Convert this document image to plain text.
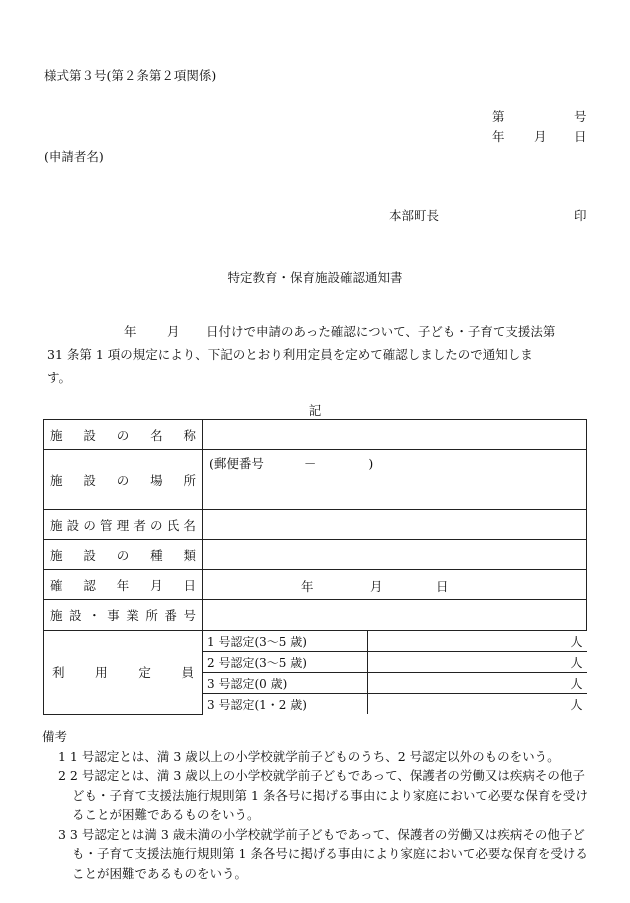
様式第３号(第２条第２項関係)
第	号
年 月 日
(申請者名)
本部町長	印
特定教育・保育施設確認通知書
年 月 日付けで申請のあった確認について、子ども・子育て支援法第
31 条第 1 項の規定により、下記のとおり利用定員を定めて確認しましたので通知しま
す。
記
施 設 の 名 称

施 設 の 場 所
	(郵便番号	－	)

施 設 の 管 理 者 の 氏 名

施 設 の 種 類

確 認 年 月 日	年	月	日

施 設 ・ 事 業 所 番 号

利 用 定 員

1 号認定(3～5 歳)	人
2 号認定(3～5 歳)	人
3 号認定(0 歳)	人
3 号認定(1・2 歳)	人
備考

1 1 号認定とは、満 3 歳以上の小学校就学前子どものうち、2 号認定以外のものをいう。

2 2 号認定とは、満 3 歳以上の小学校就学前子どもであって、保護者の労働又は疾病その他子ども・子育て支援法施行規則第 1 条各号に掲げる事由により家庭において必要な保育を受けることが困難であるものをいう。

3 3 号認定とは満 3 歳未満の小学校就学前子どもであって、保護者の労働又は疾病その他子ども・子育て支援法施行規則第 1 条各号に掲げる事由により家庭において必要な保育を受けることが困難であるものをいう。
